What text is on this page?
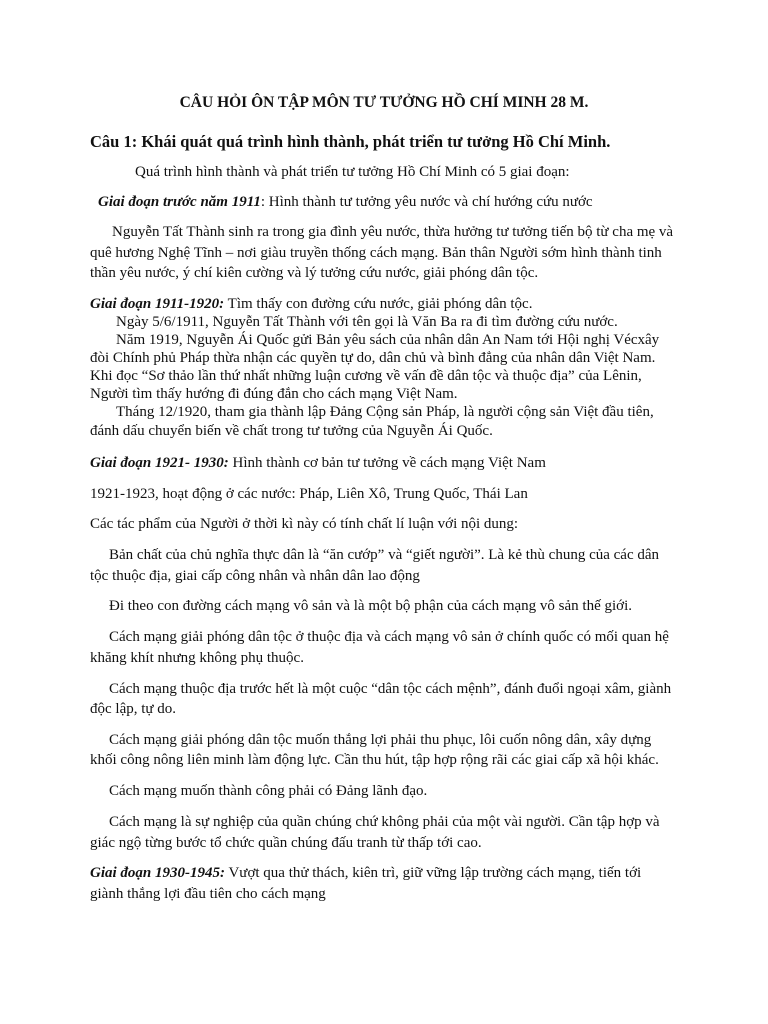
CÂU HỎI ÔN TẬP MÔN TƯ TƯỞNG HỒ CHÍ MINH 28 M.
Câu 1: Khái quát quá trình hình thành, phát triển tư tưởng Hồ Chí Minh.
Quá trình hình thành và phát triển tư tưởng Hồ Chí Minh có 5 giai đoạn:
Giai đoạn trước năm 1911: Hình thành tư tưởng yêu nước và chí hướng cứu nước
Nguyễn Tất Thành sinh ra trong gia đình yêu nước, thừa hưởng tư tưởng tiến bộ từ cha mẹ và
quê hương Nghệ Tĩnh – nơi giàu truyền thống cách mạng. Bản thân Người sớm hình thành tinh
thần yêu nước, ý chí kiên cường và lý tưởng cứu nước, giải phóng dân tộc.
Giai đoạn 1911-1920: Tìm thấy con đường cứu nước, giải phóng dân tộc.
Ngày 5/6/1911, Nguyễn Tất Thành với tên gọi là Văn Ba ra đi tìm đường cứu nước.
Năm 1919, Nguyễn Ái Quốc gửi Bản yêu sách của nhân dân An Nam tới Hội nghị Vécxây
đòi Chính phủ Pháp thừa nhận các quyền tự do, dân chủ và bình đẳng của nhân dân Việt Nam.
Khi đọc “Sơ thảo lần thứ nhất những luận cương về vấn đề dân tộc và thuộc địa” của Lênin,
Người tìm thấy hướng đi đúng đắn cho cách mạng Việt Nam.
Tháng 12/1920, tham gia thành lập Đảng Cộng sản Pháp, là người cộng sản Việt đầu tiên,
đánh dấu chuyển biến về chất trong tư tưởng của Nguyễn Ái Quốc.
Giai đoạn 1921- 1930: Hình thành cơ bản tư tưởng về cách mạng Việt Nam
1921-1923, hoạt động ở các nước: Pháp, Liên Xô, Trung Quốc, Thái Lan
Các tác phẩm của Người ở thời kì này có tính chất lí luận với nội dung:
Bản chất của chủ nghĩa thực dân là “ăn cướp” và “giết người”. Là kẻ thù chung của các dân
tộc thuộc địa, giai cấp công nhân và nhân dân lao động
Đi theo con đường cách mạng vô sản và là một bộ phận của cách mạng vô sản thế giới.
Cách mạng giải phóng dân tộc ở thuộc địa và cách mạng vô sản ở chính quốc có mối quan hệ
khăng khít nhưng không phụ thuộc.
Cách mạng thuộc địa trước hết là một cuộc “dân tộc cách mệnh”, đánh đuổi ngoại xâm, giành
độc lập, tự do.
Cách mạng giải phóng dân tộc muốn thắng lợi phải thu phục, lôi cuốn nông dân, xây dựng
khối công nông liên minh làm động lực. Cần thu hút, tập hợp rộng rãi các giai cấp xã hội khác.
Cách mạng muốn thành công phải có Đảng lãnh đạo.
Cách mạng là sự nghiệp của quần chúng chứ không phải của một vài người. Cần tập hợp và
giác ngộ từng bước tổ chức quần chúng đấu tranh từ thấp tới cao.
Giai đoạn 1930-1945: Vượt qua thử thách, kiên trì, giữ vững lập trường cách mạng, tiến tới
giành thắng lợi đầu tiên cho cách mạng
